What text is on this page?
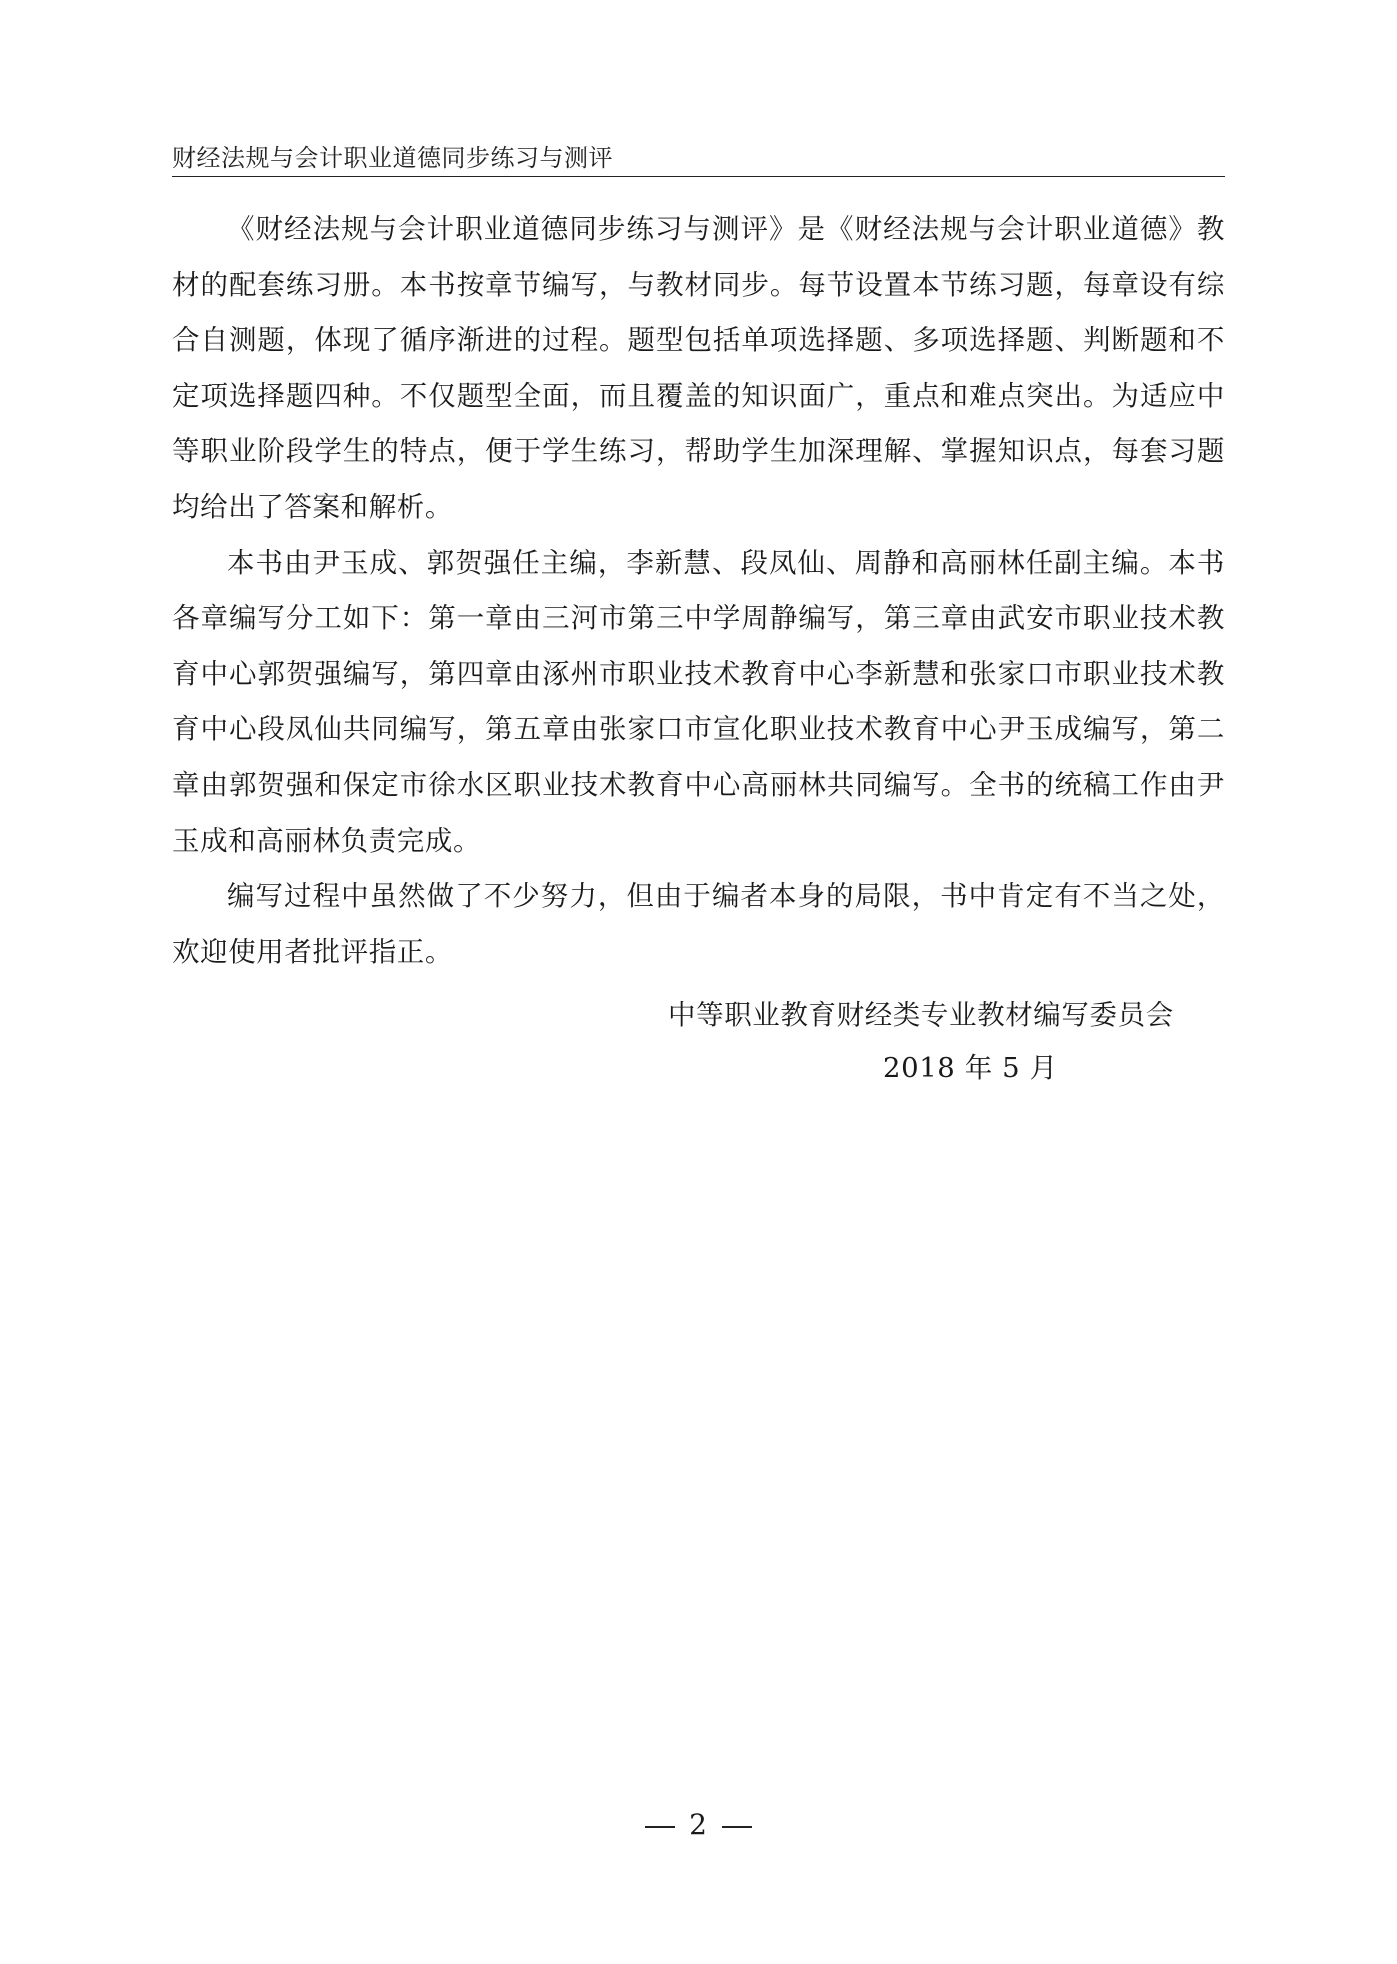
财经法规与会计职业道德同步练习与测评

《财经法规与会计职业道德同步练习与测评》是《财经法规与会计职业道德》教材的配套练习册。本书按章节编写，与教材同步。每节设置本节练习题，每章设有综合自测题，体现了循序渐进的过程。题型包括单项选择题、多项选择题、判断题和不定项选择题四种。不仅题型全面，而且覆盖的知识面广，重点和难点突出。为适应中等职业阶段学生的特点，便于学生练习，帮助学生加深理解、掌握知识点，每套习题均给出了答案和解析。

本书由尹玉成、郭贺强任主编，李新慧、段凤仙、周静和高丽林任副主编。本书各章编写分工如下：第一章由三河市第三中学周静编写，第三章由武安市职业技术教育中心郭贺强编写，第四章由涿州市职业技术教育中心李新慧和张家口市职业技术教育中心段凤仙共同编写，第五章由张家口市宣化职业技术教育中心尹玉成编写，第二章由郭贺强和保定市徐水区职业技术教育中心高丽林共同编写。全书的统稿工作由尹玉成和高丽林负责完成。

编写过程中虽然做了不少努力，但由于编者本身的局限，书中肯定有不当之处，欢迎使用者批评指正。

中等职业教育财经类专业教材编写委员会
2018 年 5 月
2
